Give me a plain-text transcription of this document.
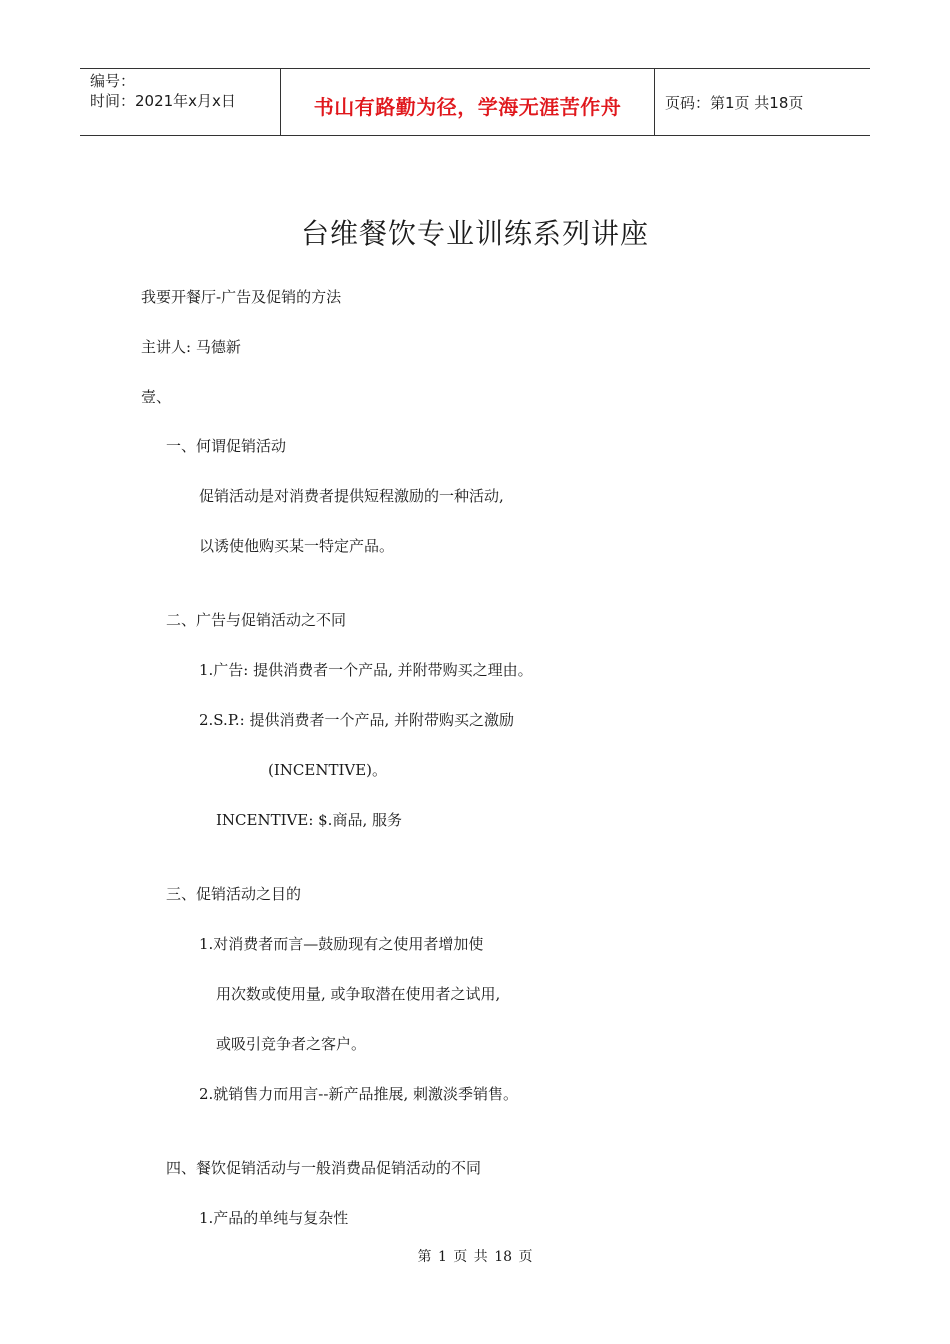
编号：
时间：2021年x月x日	书山有路勤为径，学海无涯苦作舟	页码：第1页 共18页
台维餐饮专业训练系列讲座
我要开餐厅-广告及促销的方法
主讲人: 马德新
壹、
一、何谓促销活动
促销活动是对消费者提供短程激励的一种活动,
以诱使他购买某一特定产品。
二、广告与促销活动之不同
1.广告: 提供消费者一个产品, 并附带购买之理由。
2.S.P.: 提供消费者一个产品, 并附带购买之激励
(INCENTIVE)。
INCENTIVE: $.商品, 服务
三、促销活动之目的
1.对消费者而言—鼓励现有之使用者增加使
用次数或使用量, 或争取潜在使用者之试用,
或吸引竞争者之客户。
2.就销售力而用言--新产品推展, 刺激淡季销售。
四、餐饮促销活动与一般消费品促销活动的不同
1.产品的单纯与复杂性
第 1 页 共 18 页
